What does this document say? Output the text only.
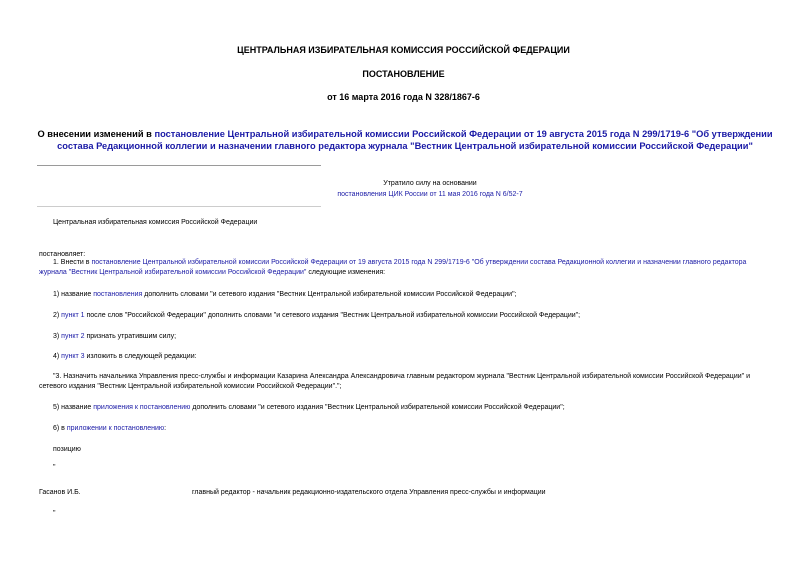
ЦЕНТРАЛЬНАЯ ИЗБИРАТЕЛЬНАЯ КОМИССИЯ РОССИЙСКОЙ ФЕДЕРАЦИИ
ПОСТАНОВЛЕНИЕ
от 16 марта 2016 года N 328/1867-6
О внесении изменений в постановление Центральной избирательной комиссии Российской Федерации от 19 августа 2015 года N 299/1719-6 "Об утверждении состава Редакционной коллегии и назначении главного редактора журнала "Вестник Центральной избирательной комиссии Российской Федерации"
Утратило силу на основании
постановления ЦИК России от 11 мая 2016 года N 6/52-7
Центральная избирательная комиссия Российской Федерации
постановляет:
1. Внести в постановление Центральной избирательной комиссии Российской Федерации от 19 августа 2015 года N 299/1719-6 "Об утверждении состава Редакционной коллегии и назначении главного редактора
журнала "Вестник Центральной избирательной комиссии Российской Федерации" следующие изменения:
1) название постановления дополнить словами "и сетевого издания "Вестник Центральной избирательной комиссии Российской Федерации";
2) пункт 1 после слов "Российской Федерации" дополнить словами "и сетевого издания "Вестник Центральной избирательной комиссии Российской Федерации";
3) пункт 2 признать утратившим силу;
4) пункт 3 изложить в следующей редакции:
"3. Назначить начальника Управления пресс-службы и информации Казарина Александра Александровича главным редактором журнала "Вестник Центральной избирательной комиссии Российской Федерации" и
сетевого издания "Вестник Центральной избирательной комиссии Российской Федерации".";
5) название приложения к постановлению дополнить словами "и сетевого издания "Вестник Центральной избирательной комиссии Российской Федерации";
6) в приложении к постановлению:
позицию
"
Гасанов И.Б.	главный редактор - начальник редакционно-издательского отдела Управления пресс-службы и информации
"
